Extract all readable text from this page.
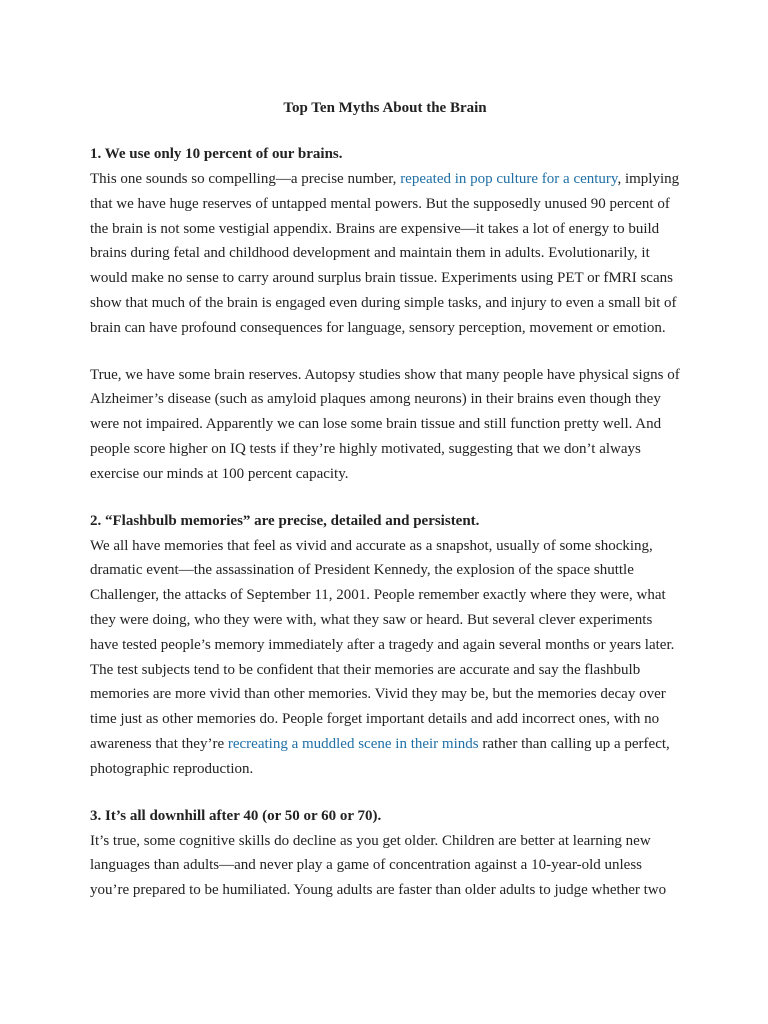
Top Ten Myths About the Brain

1. We use only 10 percent of our brains.

This one sounds so compelling—a precise number, repeated in pop culture for a century, implying that we have huge reserves of untapped mental powers. But the supposedly unused 90 percent of the brain is not some vestigial appendix. Brains are expensive—it takes a lot of energy to build brains during fetal and childhood development and maintain them in adults. Evolutionarily, it would make no sense to carry around surplus brain tissue. Experiments using PET or fMRI scans show that much of the brain is engaged even during simple tasks, and injury to even a small bit of brain can have profound consequences for language, sensory perception, movement or emotion.

True, we have some brain reserves. Autopsy studies show that many people have physical signs of Alzheimer’s disease (such as amyloid plaques among neurons) in their brains even though they were not impaired. Apparently we can lose some brain tissue and still function pretty well. And people score higher on IQ tests if they’re highly motivated, suggesting that we don’t always exercise our minds at 100 percent capacity.

2. “Flashbulb memories” are precise, detailed and persistent.

We all have memories that feel as vivid and accurate as a snapshot, usually of some shocking, dramatic event—the assassination of President Kennedy, the explosion of the space shuttle Challenger, the attacks of September 11, 2001. People remember exactly where they were, what they were doing, who they were with, what they saw or heard. But several clever experiments have tested people’s memory immediately after a tragedy and again several months or years later. The test subjects tend to be confident that their memories are accurate and say the flashbulb memories are more vivid than other memories. Vivid they may be, but the memories decay over time just as other memories do. People forget important details and add incorrect ones, with no awareness that they’re recreating a muddled scene in their minds rather than calling up a perfect, photographic reproduction.

3. It’s all downhill after 40 (or 50 or 60 or 70).

It’s true, some cognitive skills do decline as you get older. Children are better at learning new languages than adults—and never play a game of concentration against a 10-year-old unless you’re prepared to be humiliated. Young adults are faster than older adults to judge whether two
